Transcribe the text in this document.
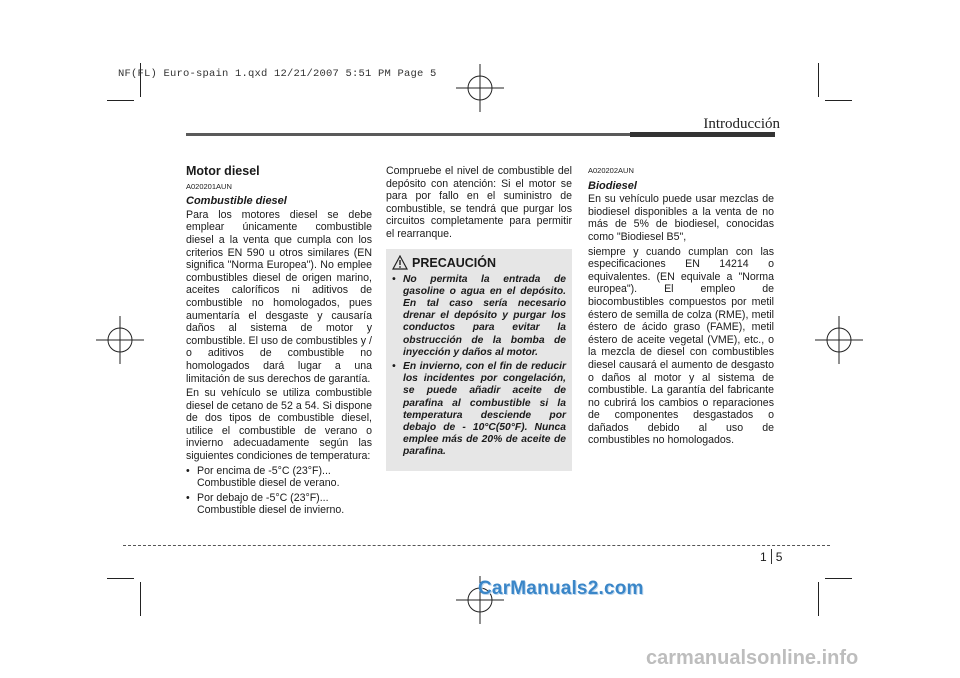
NF(FL) Euro-spain 1.qxd 12/21/2007 5:51 PM Page 5
Introducción
Motor diesel
A020201AUN
Combustible diesel

Para los motores diesel se debe emplear únicamente combustible diesel a la venta que cumpla con los criterios EN 590 u otros similares (EN significa "Norma Europea"). No emplee combustibles diesel de origen marino, aceites caloríficos ni aditivos de combustible no homologados, pues aumentaría el desgaste y causaría daños al sistema de motor y combustible. El uso de combustibles y / o aditivos de combustible no homologados dará lugar a una limitación de sus derechos de garantía.

En su vehículo se utiliza combustible diesel de cetano de 52 a 54. Si dispone de dos tipos de combustible diesel, utilice el combustible de verano o invierno adecuadamente según las siguientes condiciones de temperatura:

• Por encima de -5°C (23°F)... Combustible diesel de verano.
• Por debajo de -5°C (23°F)... Combustible diesel de invierno.

Compruebe el nivel de combustible del depósito con atención: Si el motor se para por fallo en el suministro de combustible, se tendrá que purgar los circuitos completamente para permitir el rearranque.

PRECAUCIÓN
• No permita la entrada de gasoline o agua en el depósito. En tal caso sería necesario drenar el depósito y purgar los conductos para evitar la obstrucción de la bomba de inyección y daños al motor.
• En invierno, con el fin de reducir los incidentes por congelación, se puede añadir aceite de parafina al combustible si la temperatura desciende por debajo de - 10°C(50°F). Nunca emplee más de 20% de aceite de parafina.
A020202AUN
Biodiesel

En su vehículo puede usar mezclas de biodiesel disponibles a la venta de no más de 5% de biodiesel, conocidas como "Biodiesel B5",

siempre y cuando cumplan con las especificaciones EN 14214 o equivalentes. (EN equivale a "Norma europea"). El empleo de biocombustibles compuestos por metil éstero de semilla de colza (RME), metil éstero de ácido graso (FAME), metil éstero de aceite vegetal (VME), etc., o la mezcla de diesel con combustibles diesel causará el aumento de desgasto o daños al motor y al sistema de combustible. La garantía del fabricante no cubrirá los cambios o reparaciones de componentes desgastados o dañados debido al uso de combustibles no homologados.

1 5
CarManuals2.com
carmanualsonline.info
